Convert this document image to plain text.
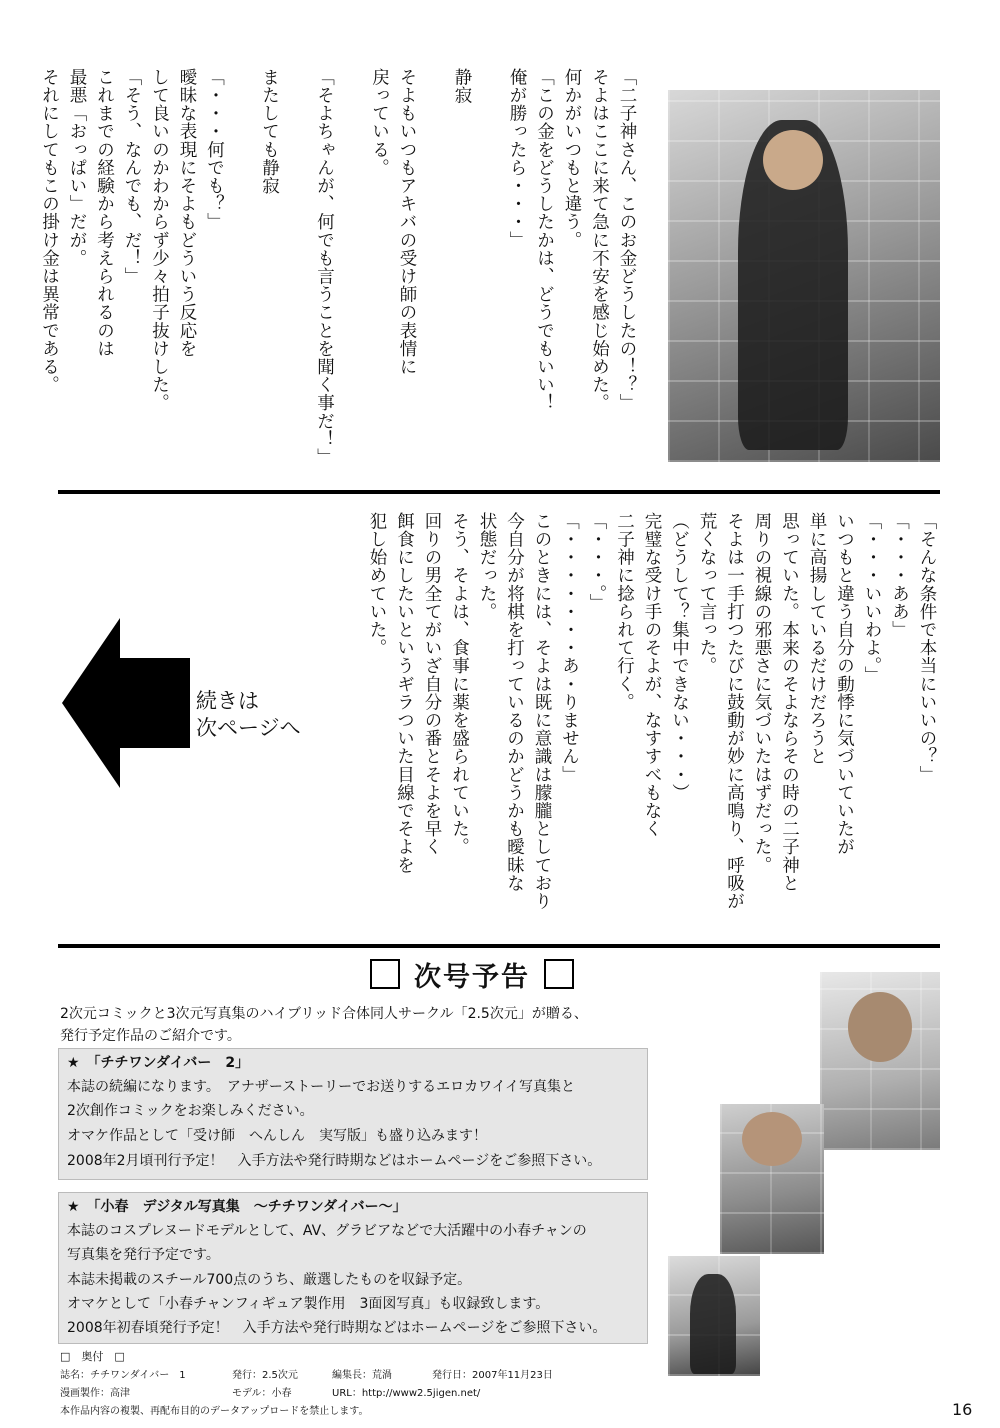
「二子神さん、このお金どうしたの！？」
そよはここに来て急に不安を感じ始めた。
何かがいつもと違う。
「この金をどうしたかは、どうでもいい！
俺が勝ったら・・・」

静寂

そよもいつもアキバの受け師の表情に
戻っている。

「そよちゃんが、何でも言うことを聞く事だ！」

またしても静寂

「・・・何でも？」
曖昧な表現にそよもどういう反応を
して良いのかわからず少々拍子抜けした。
「そう、なんでも、だ！」
これまでの経験から考えられるのは
最悪「おっぱい」だが。
それにしてもこの掛け金は異常である。
続きは
次ページへ	「そんな条件で本当にいいの？」
「・・・ああ」
「・・・いいわよ。」
いつもと違う自分の動悸に気づいていたが
単に高揚しているだけだろうと
思っていた。本来のそよならその時の二子神と
周りの視線の邪悪さに気づいたはずだった。
そよは一手打つたびに鼓動が妙に高鳴り、呼吸が
荒くなって言った。
（どうして？集中できない・・・）
完璧な受け手のそよが、なすすべもなく
二子神に捻られて行く。
「・・・。」
「・・・・・・・あ・りません」
このときには、そよは既に意識は朦朧としており
今自分が将棋を打っているのかどうかも曖昧な
状態だった。
そう、そよは、食事に薬を盛られていた。
回りの男全てがいざ自分の番とそよを早く
餌食にしたいというギラついた目線でそよを
犯し始めていた。
次号予告
2次元コミックと3次元写真集のハイブリッド合体同人サークル「2.5次元」が贈る、
発行予定作品のご紹介です。
★　「チチワンダイバー　2」
本誌の続編になります。　アナザーストーリーでお送りするエロカワイイ写真集と
2次創作コミックをお楽しみください。
オマケ作品として「受け師　へんしん　実写版」も盛り込みます！
2008年2月頃刊行予定！　入手方法や発行時期などはホームページをご参照下さい。
★　「小春　デジタル写真集　～チチワンダイバー～」
本誌のコスプレヌードモデルとして、AV、グラビアなどで大活躍中の小春チャンの
写真集を発行予定です。
本誌未掲載のスチール700点のうち、厳選したものを収録予定。
オマケとして「小春チャンフィギュア製作用　3面図写真」も収録致します。
2008年初春頃発行予定！　入手方法や発行時期などはホームページをご参照下さい。
□　奥付　□
誌名：チチワンダイバー　1	発行：2.5次元	編集長：荒渦	発行日：2007年11月23日
漫画製作：高津	モデル：小春	URL：http://www2.5jigen.net/
本作品内容の複製、再配布目的のデータアップロードを禁止します。	16
